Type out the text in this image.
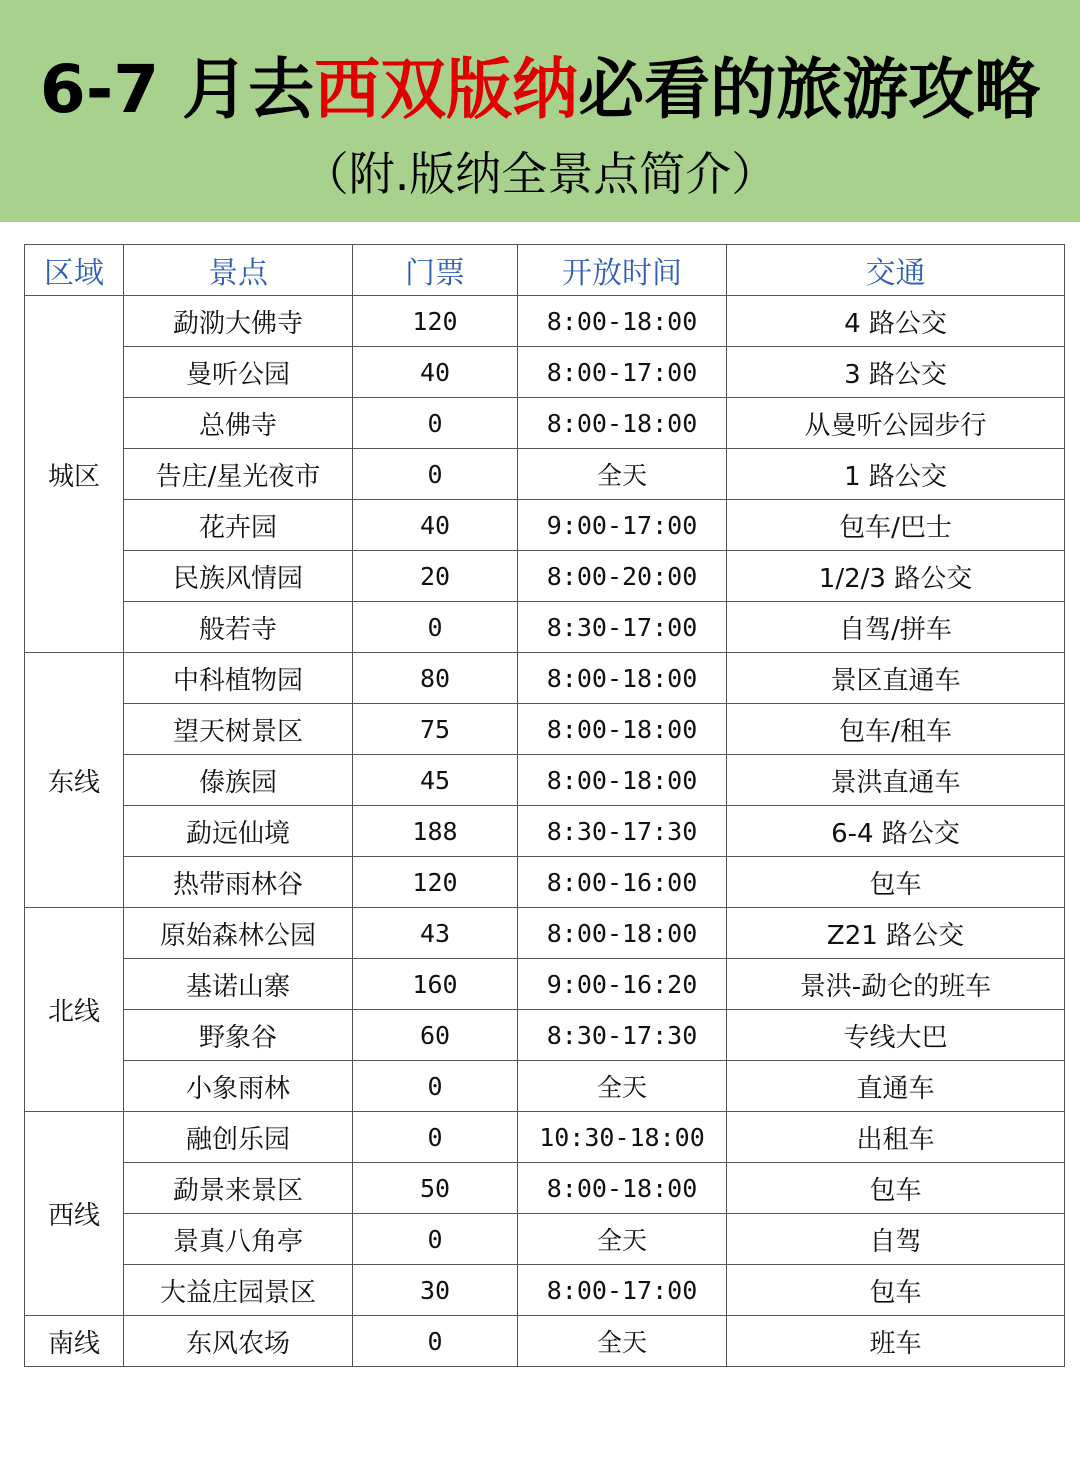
6-7 月去西双版纳必看的旅游攻略
（附.版纳全景点简介）
区域	景点	门票	开放时间	交通
城区	勐泐大佛寺	120	8:00-18:00	4 路公交
	曼听公园	40	8:00-17:00	3 路公交
	总佛寺	0	8:00-18:00	从曼听公园步行
	告庄/星光夜市	0	全天	1 路公交
	花卉园	40	9:00-17:00	包车/巴士
	民族风情园	20	8:00-20:00	1/2/3 路公交
	般若寺	0	8:30-17:00	自驾/拼车
东线	中科植物园	80	8:00-18:00	景区直通车
	望天树景区	75	8:00-18:00	包车/租车
	傣族园	45	8:00-18:00	景洪直通车
	勐远仙境	188	8:30-17:30	6-4 路公交
	热带雨林谷	120	8:00-16:00	包车
北线	原始森林公园	43	8:00-18:00	Z21 路公交
	基诺山寨	160	9:00-16:20	景洪-勐仑的班车
	野象谷	60	8:30-17:30	专线大巴
	小象雨林	0	全天	直通车
西线	融创乐园	0	10:30-18:00	出租车
	勐景来景区	50	8:00-18:00	包车
	景真八角亭	0	全天	自驾
	大益庄园景区	30	8:00-17:00	包车
南线	东风农场	0	全天	班车
